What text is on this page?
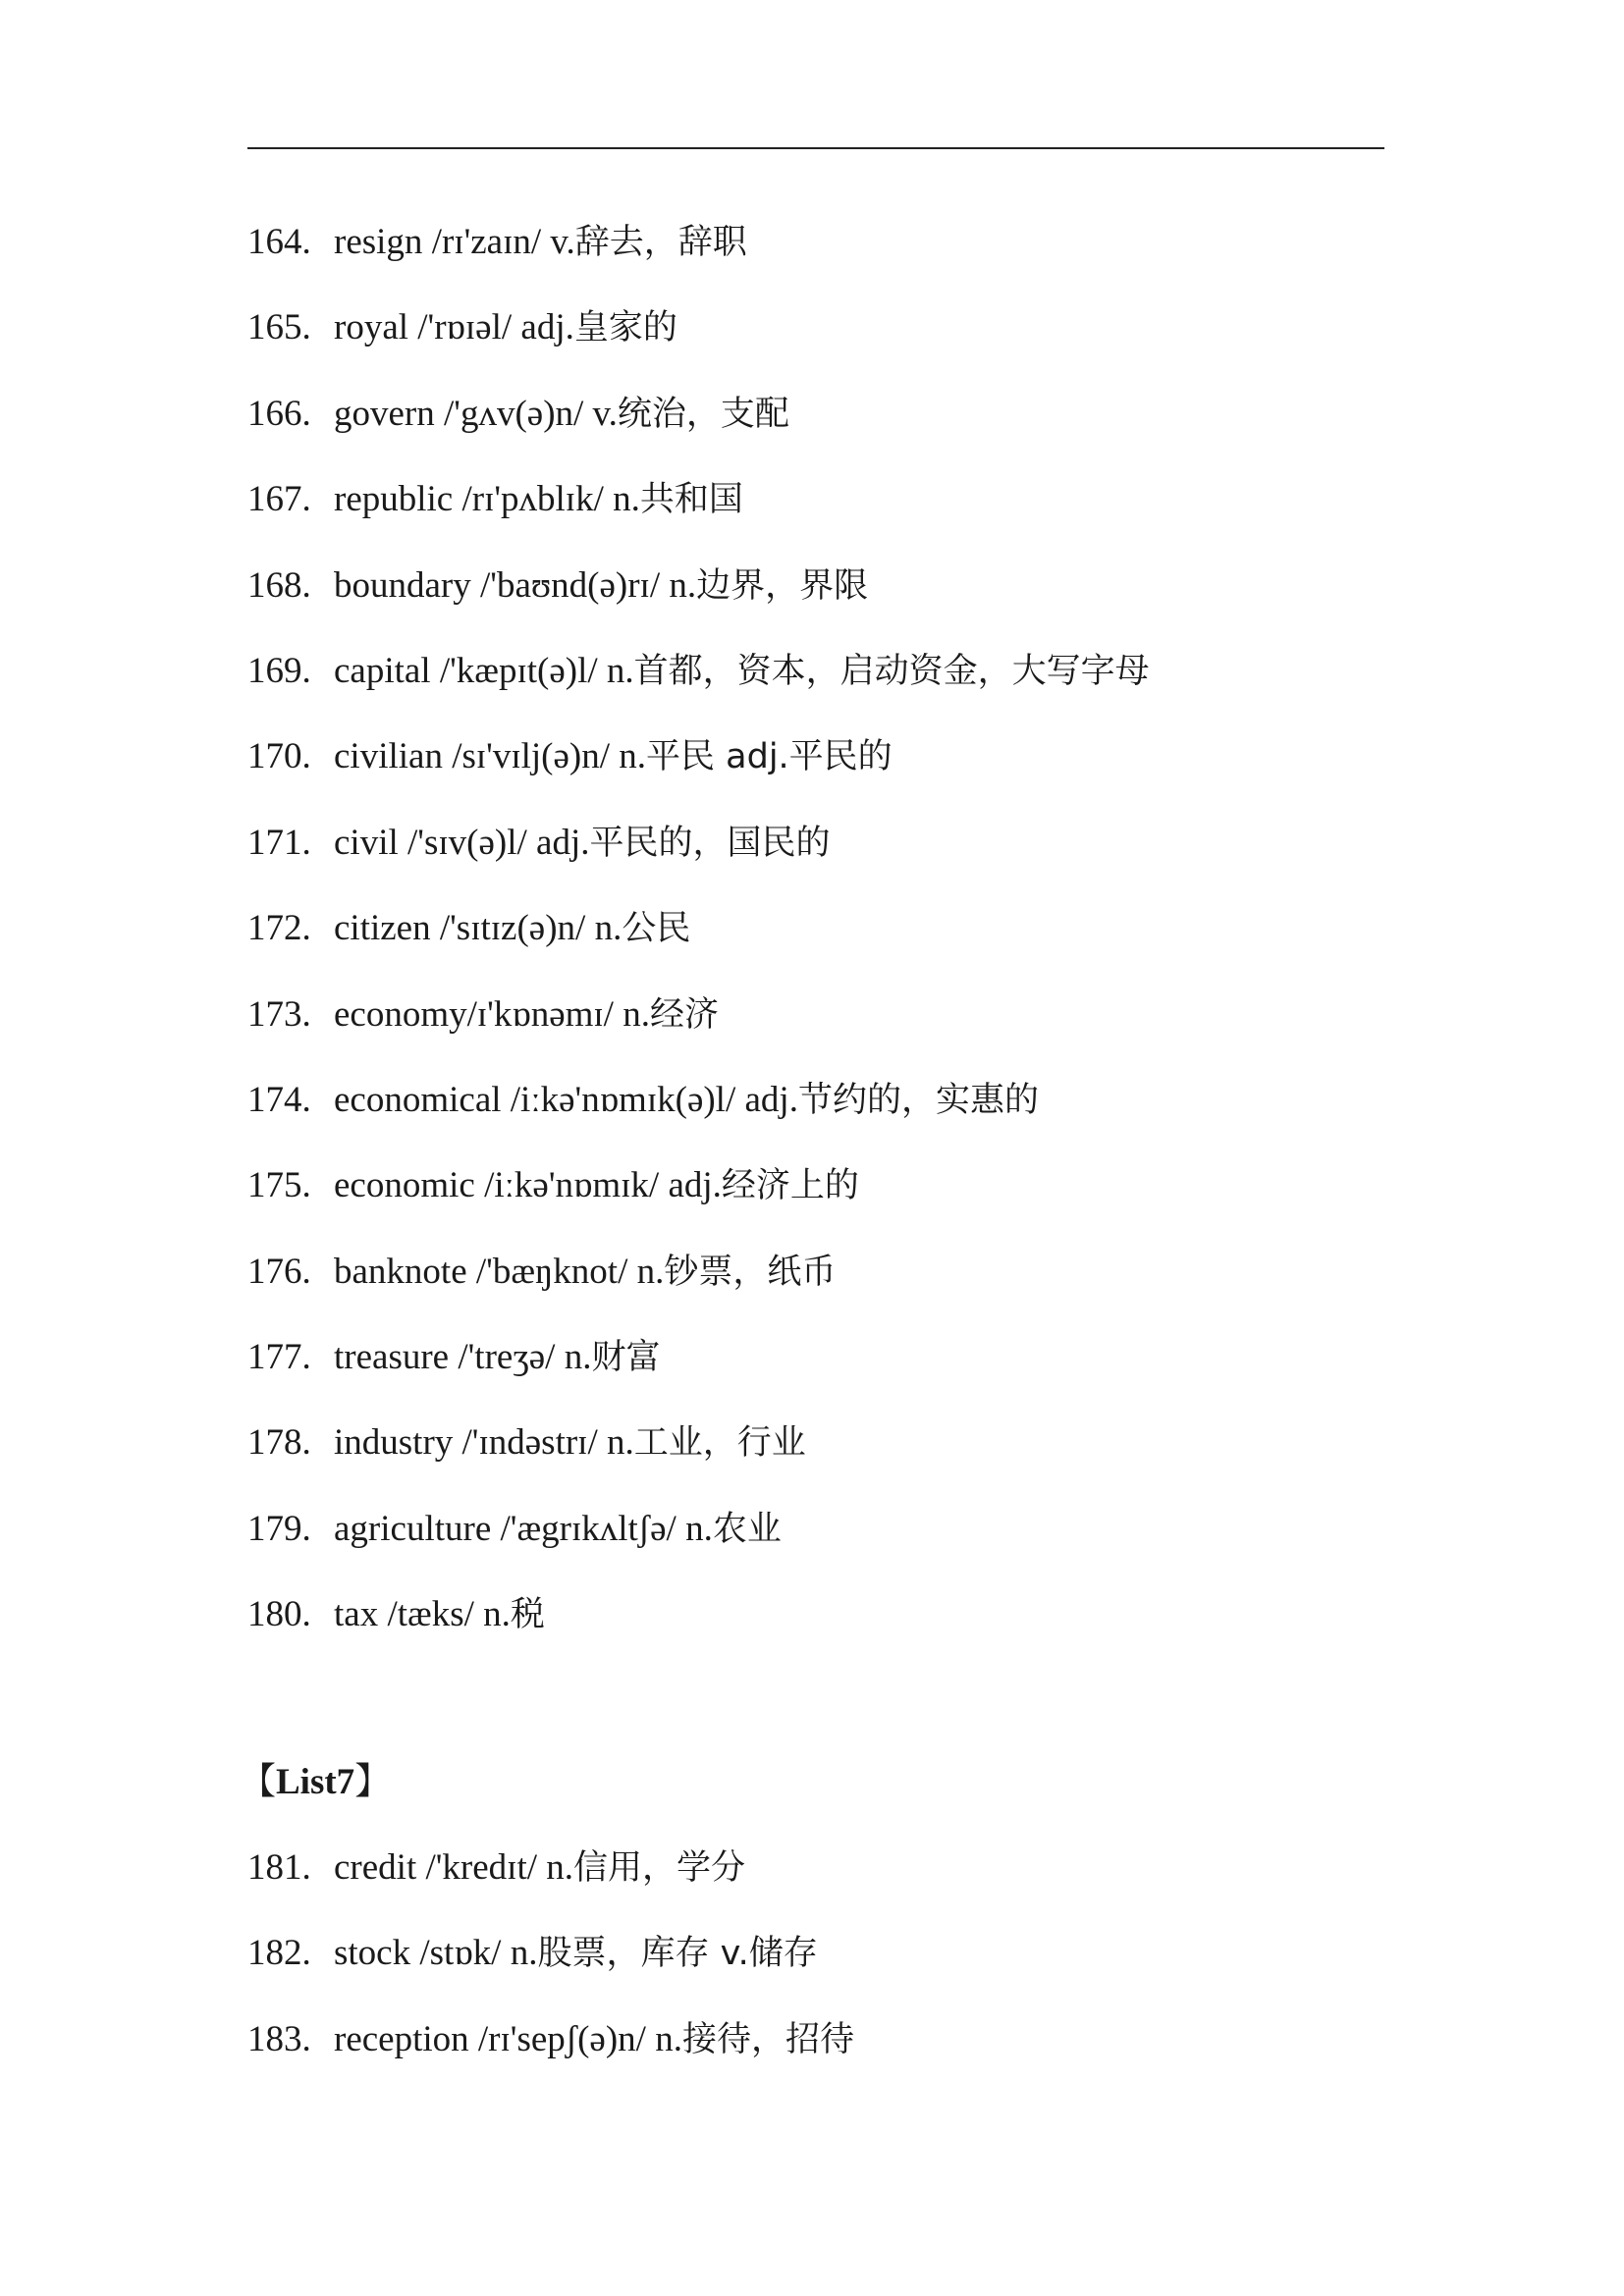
164. resign /rɪ'zaɪn/ v.辞去，辞职
165. royal /'rɒɪəl/ adj.皇家的
166. govern /'gʌv(ə)n/ v.统治，支配
167. republic /rɪ'pʌblɪk/ n.共和国
168. boundary /'baʊnd(ə)rɪ/ n.边界，界限
169. capital /'kæpɪt(ə)l/ n.首都，资本，启动资金，大写字母
170. civilian /sɪ'vɪlj(ə)n/ n.平民 adj.平民的
171. civil /'sɪv(ə)l/ adj.平民的，国民的
172. citizen /'sɪtɪz(ə)n/ n.公民
173. economy/ɪ'kɒnəmɪ/ n.经济
174. economical /iːkə'nɒmɪk(ə)l/ adj.节约的，实惠的
175. economic /iːkə'nɒmɪk/ adj.经济上的
176. banknote /'bæŋknot/ n.钞票，纸币
177. treasure /'treʒə/ n.财富
178. industry /'ɪndəstrɪ/ n.工业，行业
179. agriculture /'ægrɪkʌltʃə/ n.农业
180. tax /tæks/ n.税
【List7】
181. credit /'kredɪt/ n.信用，学分
182. stock /stɒk/ n.股票，库存 v.储存
183. reception /rɪ'sepʃ(ə)n/ n.接待，招待
